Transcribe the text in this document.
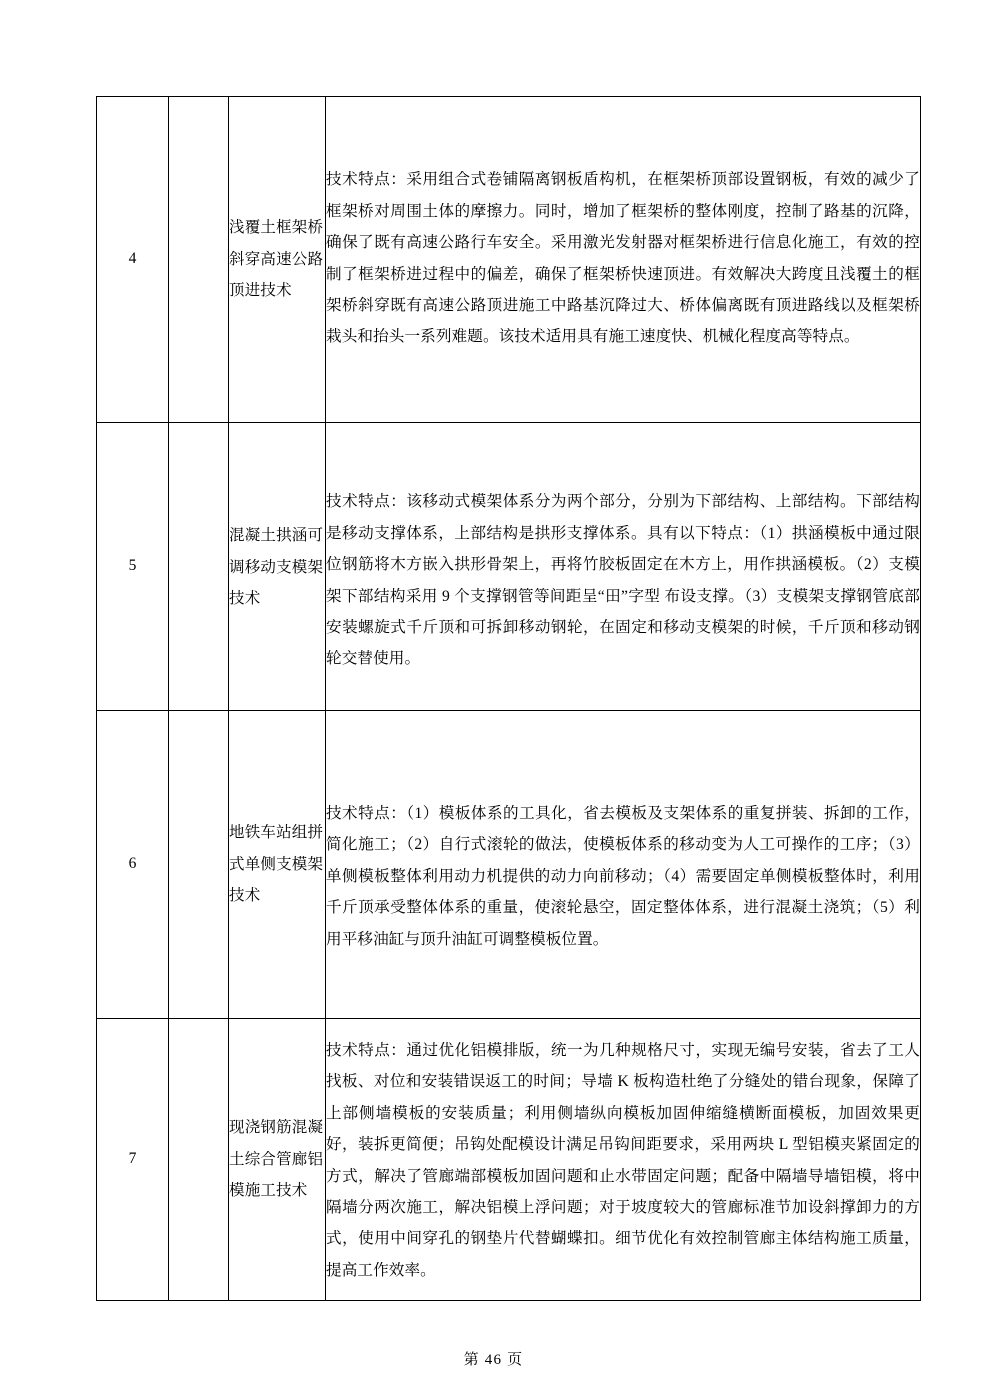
4		浅覆土框架桥斜穿高速公路顶进技术	技术特点：采用组合式卷铺隔离钢板盾构机，在框架桥顶部设置钢板，有效的减少了框架桥对周围土体的摩擦力。同时，增加了框架桥的整体刚度，控制了路基的沉降，确保了既有高速公路行车安全。采用激光发射器对框架桥进行信息化施工，有效的控制了框架桥进过程中的偏差，确保了框架桥快速顶进。有效解决大跨度且浅覆土的框架桥斜穿既有高速公路顶进施工中路基沉降过大、桥体偏离既有顶进路线以及框架桥栽头和抬头一系列难题。该技术适用具有施工速度快、机械化程度高等特点。

5		混凝土拱涵可调移动支模架技术	技术特点：该移动式模架体系分为两个部分，分别为下部结构、上部结构。下部结构是移动支撑体系，上部结构是拱形支撑体系。具有以下特点：（1）拱涵模板中通过限位钢筋将木方嵌入拱形骨架上，再将竹胶板固定在木方上，用作拱涵模板。（2）支模架下部结构采用 9 个支撑钢管等间距呈“田”字型 布设支撑。（3）支模架支撑钢管底部安装螺旋式千斤顶和可拆卸移动钢轮，在固定和移动支模架的时候，千斤顶和移动钢轮交替使用。

6		地铁车站组拼式单侧支模架技术	技术特点：（1）模板体系的工具化，省去模板及支架体系的重复拼装、拆卸的工作，简化施工；（2）自行式滚轮的做法，使模板体系的移动变为人工可操作的工序；（3）单侧模板整体利用动力机提供的动力向前移动；（4）需要固定单侧模板整体时，利用千斤顶承受整体体系的重量，使滚轮悬空，固定整体体系，进行混凝土浇筑；（5）利用平移油缸与顶升油缸可调整模板位置。

7		现浇钢筋混凝土综合管廊铝模施工技术	技术特点：通过优化铝模排版，统一为几种规格尺寸，实现无编号安装，省去了工人找板、对位和安装错误返工的时间；导墙 K 板构造杜绝了分缝处的错台现象，保障了上部侧墙模板的安装质量；利用侧墙纵向模板加固伸缩缝横断面模板，加固效果更好，装拆更简便；吊钩处配模设计满足吊钩间距要求，采用两块 L 型铝模夹紧固定的方式，解决了管廊端部模板加固问题和止水带固定问题；配备中隔墙导墙铝模，将中隔墙分两次施工，解决铝模上浮问题；对于坡度较大的管廊标准节加设斜撑卸力的方式，使用中间穿孔的钢垫片代替蝴蝶扣。细节优化有效控制管廊主体结构施工质量，提高工作效率。
第 46 页
